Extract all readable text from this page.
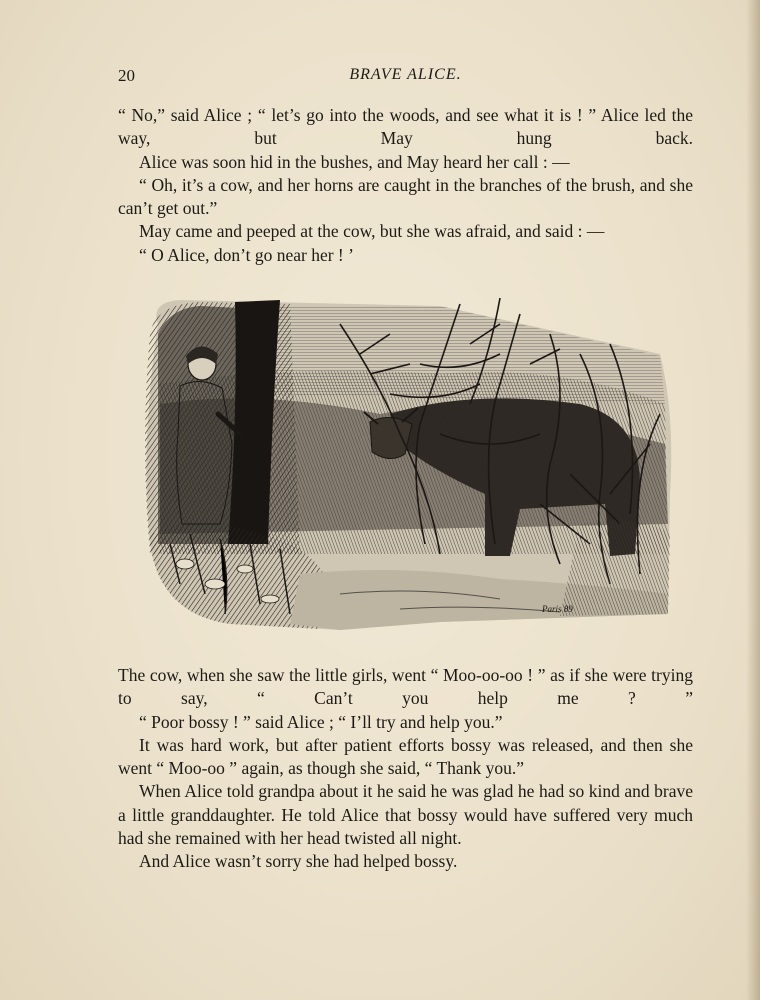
20	BRAVE ALICE.

“ No,” said Alice ; “ let’s go into the woods, and see what it is ! ” Alice led the way, but May hung back.

Alice was soon hid in the bushes, and May heard her call : —

“ Oh, it’s a cow, and her horns are caught in the branches of the brush, and she can’t get out.”

May came and peeped at the cow, but she was afraid, and said : —

“ O Alice, don’t go near her ! ’

Paris 89

The cow, when she saw the little girls, went “ Moo-oo-oo ! ” as if she were trying to say, “ Can’t you help me ? ”

“ Poor bossy ! ” said Alice ; “ I’ll try and help you.”

It was hard work, but after patient efforts bossy was released, and then she went “ Moo-oo ” again, as though she said, “ Thank you.”

When Alice told grandpa about it he said he was glad he had so kind and brave a little granddaughter. He told Alice that bossy would have suffered very much had she remained with her head twisted all night.

And Alice wasn’t sorry she had helped bossy.
